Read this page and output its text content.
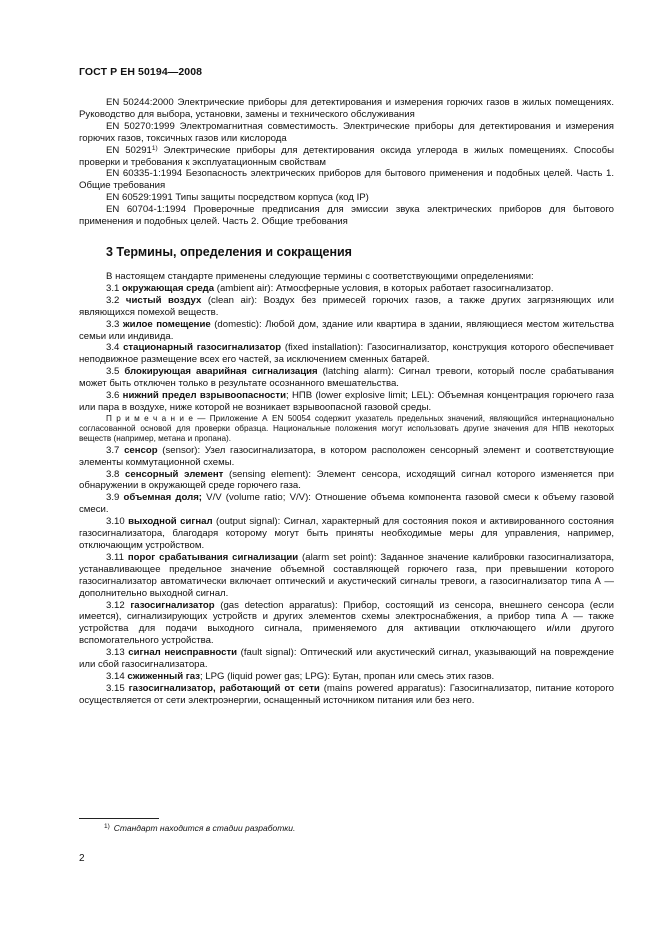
ГОСТ Р ЕН 50194—2008

EN 50244:2000 Электрические приборы для детектирования и измерения горючих газов в жилых помещениях. Руководство для выбора, установки, замены и технического обслуживания

EN 50270:1999 Электромагнитная совместимость. Электрические приборы для детектирования и измерения горючих газов, токсичных газов или кислорода

EN 50291$^{1)}$ Электрические приборы для детектирования оксида углерода в жилых помещениях. Способы проверки и требования к эксплуатационным свойствам

EN 60335-1:1994 Безопасность электрических приборов для бытового применения и подобных целей. Часть 1. Общие требования

EN 60529:1991 Типы защиты посредством корпуса (код IP)

EN 60704-1:1994 Проверочные предписания для эмиссии звука электрических приборов для бытового применения и подобных целей. Часть 2. Общие требования

3 Термины, определения и сокращения

В настоящем стандарте применены следующие термины с соответствующими определениями:

3.1 окружающая среда (ambient air): Атмосферные условия, в которых работает газосигнализатор.

3.2 чистый воздух (clean air): Воздух без примесей горючих газов, а также других загрязняющих или являющихся помехой веществ.

3.3 жилое помещение (domestic): Любой дом, здание или квартира в здании, являющиеся местом жительства семьи или индивида.

3.4 стационарный газосигнализатор (fixed installation): Газосигнализатор, конструкция которого обеспечивает неподвижное размещение всех его частей, за исключением сменных батарей.

3.5 блокирующая аварийная сигнализация (latching alarm): Сигнал тревоги, который после срабатывания может быть отключен только в результате осознанного вмешательства.

3.6 нижний предел взрывоопасности; НПВ (lower explosive limit; LEL): Объемная концентрация горючего газа или пара в воздухе, ниже которой не возникает взрывоопасной газовой среды.

П р и м е ч а н и е — Приложение А EN 50054 содержит указатель предельных значений, являющийся интернационально согласованной основой для проверки образца. Национальные положения могут использовать другие значения для НПВ некоторых веществ (например, метана и пропана).

3.7 сенсор (sensor): Узел газосигнализатора, в котором расположен сенсорный элемент и соответствующие элементы коммутационной схемы.

3.8 сенсорный элемент (sensing element): Элемент сенсора, исходящий сигнал которого изменяется при обнаружении в окружающей среде горючего газа.

3.9 объемная доля; V/V (volume ratio; V/V): Отношение объема компонента газовой смеси к объему газовой смеси.

3.10 выходной сигнал (output signal): Сигнал, характерный для состояния покоя и активированного состояния газосигнализатора, благодаря которому могут быть приняты необходимые меры для управления, например, отключающим устройством.

3.11 порог срабатывания сигнализации (alarm set point): Заданное значение калибровки газосигнализатора, устанавливающее предельное значение объемной составляющей горючего газа, при превышении которого газосигнализатор автоматически включает оптический и акустический сигналы тревоги, а газосигнализатор типа А — дополнительно выходной сигнал.

3.12 газосигнализатор (gas detection apparatus): Прибор, состоящий из сенсора, внешнего сенсора (если имеется), сигнализирующих устройств и других элементов схемы электроснабжения, а прибор типа А — также устройства для подачи выходного сигнала, применяемого для активации отключающего и/или другого вспомогательного устройства.

3.13 сигнал неисправности (fault signal): Оптический или акустический сигнал, указывающий на повреждение или сбой газосигнализатора.

3.14 сжиженный газ; LPG (liquid power gas; LPG): Бутан, пропан или смесь этих газов.

3.15 газосигнализатор, работающий от сети (mains powered apparatus): Газосигнализатор, питание которого осуществляется от сети электроэнергии, оснащенный источником питания или без него.

$^{1)}$ Стандарт находится в стадии разработки.
2
